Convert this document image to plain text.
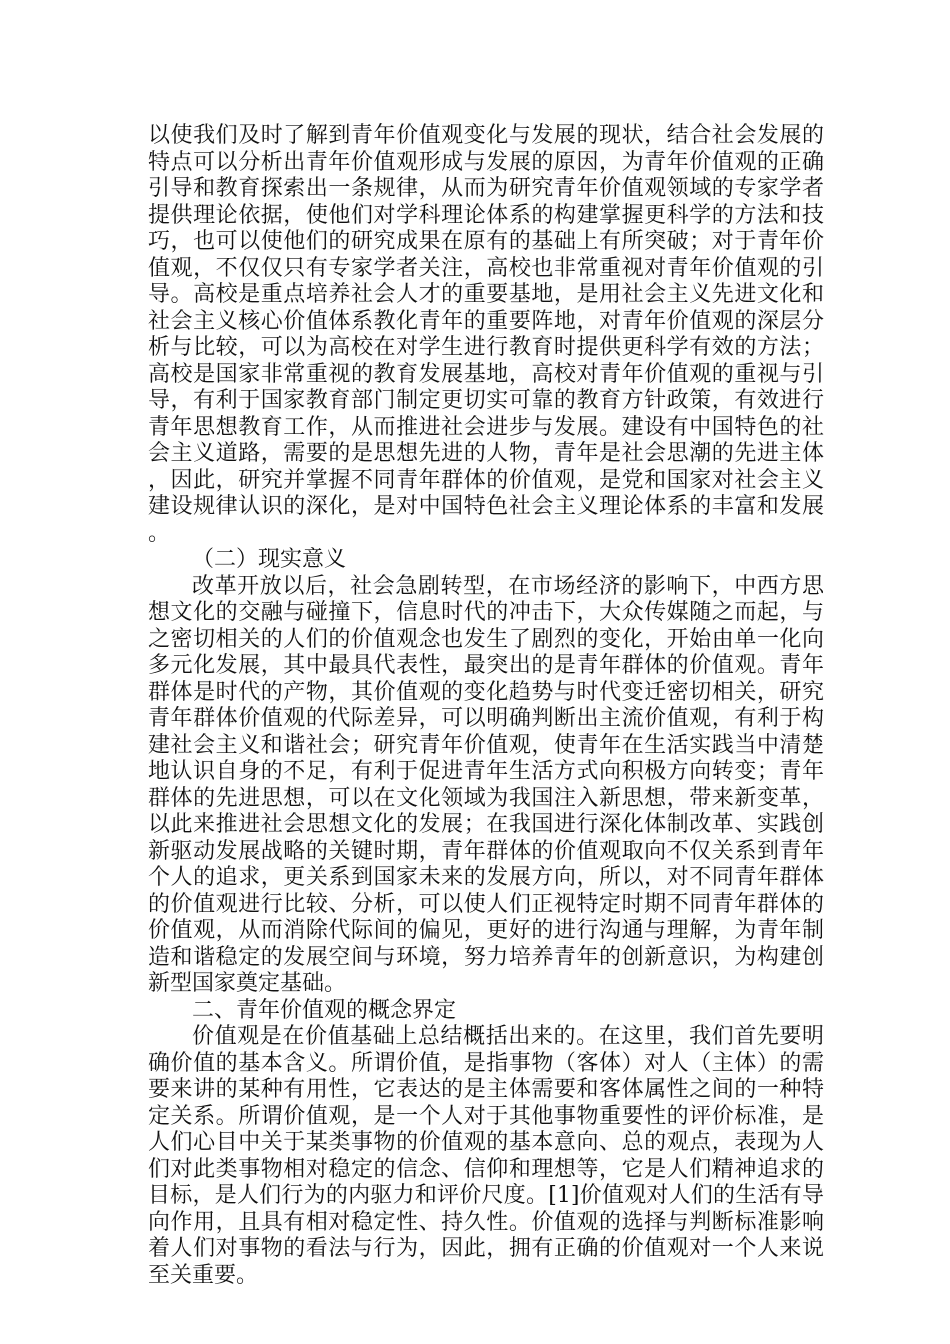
以使我们及时了解到青年价值观变化与发展的现状，结合社会发展的特点可以分析出青年价值观形成与发展的原因，为青年价值观的正确引导和教育探索出一条规律，从而为研究青年价值观领域的专家学者提供理论依据，使他们对学科理论体系的构建掌握更科学的方法和技巧，也可以使他们的研究成果在原有的基础上有所突破；对于青年价值观，不仅仅只有专家学者关注，高校也非常重视对青年价值观的引导。高校是重点培养社会人才的重要基地，是用社会主义先进文化和社会主义核心价值体系教化青年的重要阵地，对青年价值观的深层分析与比较，可以为高校在对学生进行教育时提供更科学有效的方法；高校是国家非常重视的教育发展基地，高校对青年价值观的重视与引导，有利于国家教育部门制定更切实可靠的教育方针政策，有效进行青年思想教育工作，从而推进社会进步与发展。建设有中国特色的社会主义道路，需要的是思想先进的人物，青年是社会思潮的先进主体，因此，研究并掌握不同青年群体的价值观，是党和国家对社会主义建设规律认识的深化，是对中国特色社会主义理论体系的丰富和发展。

（二）现实意义

改革开放以后，社会急剧转型，在市场经济的影响下，中西方思想文化的交融与碰撞下，信息时代的冲击下，大众传媒随之而起，与之密切相关的人们的价值观念也发生了剧烈的变化，开始由单一化向多元化发展，其中最具代表性，最突出的是青年群体的价值观。青年群体是时代的产物，其价值观的变化趋势与时代变迁密切相关，研究青年群体价值观的代际差异，可以明确判断出主流价值观，有利于构建社会主义和谐社会；研究青年价值观，使青年在生活实践当中清楚地认识自身的不足，有利于促进青年生活方式向积极方向转变；青年群体的先进思想，可以在文化领域为我国注入新思想，带来新变革，以此来推进社会思想文化的发展；在我国进行深化体制改革、实践创新驱动发展战略的关键时期，青年群体的价值观取向不仅关系到青年个人的追求，更关系到国家未来的发展方向，所以，对不同青年群体的价值观进行比较、分析，可以使人们正视特定时期不同青年群体的价值观，从而消除代际间的偏见，更好的进行沟通与理解，为青年制造和谐稳定的发展空间与环境，努力培养青年的创新意识，为构建创新型国家奠定基础。

二、青年价值观的概念界定

价值观是在价值基础上总结概括出来的。在这里，我们首先要明确价值的基本含义。所谓价值，是指事物（客体）对人（主体）的需要来讲的某种有用性，它表达的是主体需要和客体属性之间的一种特定关系。所谓价值观，是一个人对于其他事物重要性的评价标准，是人们心目中关于某类事物的价值观的基本意向、总的观点，表现为人们对此类事物相对稳定的信念、信仰和理想等，它是人们精神追求的目标，是人们行为的内驱力和评价尺度。[1]价值观对人们的生活有导向作用，且具有相对稳定性、持久性。价值观的选择与判断标准影响着人们对事物的看法与行为，因此，拥有正确的价值观对一个人来说至关重要。
